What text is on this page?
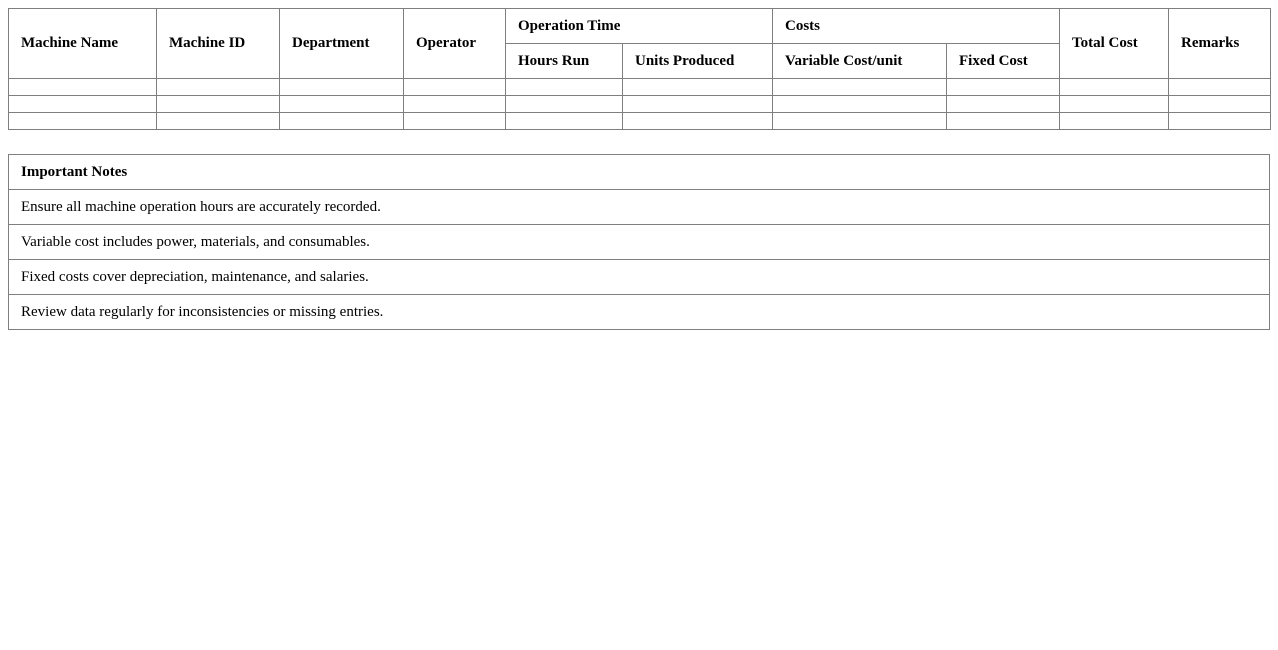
Machine Name	Machine ID	Department	Operator	Operation Time		Costs		Total Cost	Remarks
				Hours Run	Units Produced	Variable Cost/unit	Fixed Cost		

Important Notes
Ensure all machine operation hours are accurately recorded.
Variable cost includes power, materials, and consumables.
Fixed costs cover depreciation, maintenance, and salaries.
Review data regularly for inconsistencies or missing entries.
